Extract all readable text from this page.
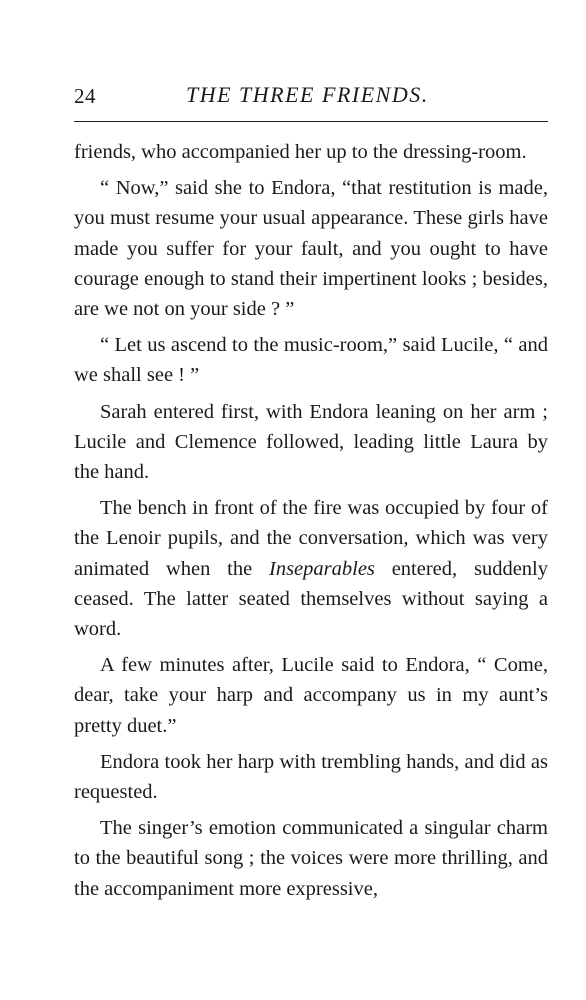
24	THE THREE FRIENDS.

friends, who accompanied her up to the dressing-room.

“ Now,” said she to Endora, “that restitution is made, you must resume your usual appearance. These girls have made you suffer for your fault, and you ought to have courage enough to stand their impertinent looks ; besides, are we not on your side ? ”

“ Let us ascend to the music-room,” said Lucile, “ and we shall see ! ”

Sarah entered first, with Endora leaning on her arm ; Lucile and Clemence followed, leading little Laura by the hand.

The bench in front of the fire was occupied by four of the Lenoir pupils, and the conversation, which was very animated when the Inseparables entered, suddenly ceased. The latter seated themselves without saying a word.

A few minutes after, Lucile said to Endora, “ Come, dear, take your harp and accompany us in my aunt’s pretty duet.”

Endora took her harp with trembling hands, and did as requested.

The singer’s emotion communicated a singular charm to the beautiful song ; the voices were more thrilling, and the accompaniment more expressive,
